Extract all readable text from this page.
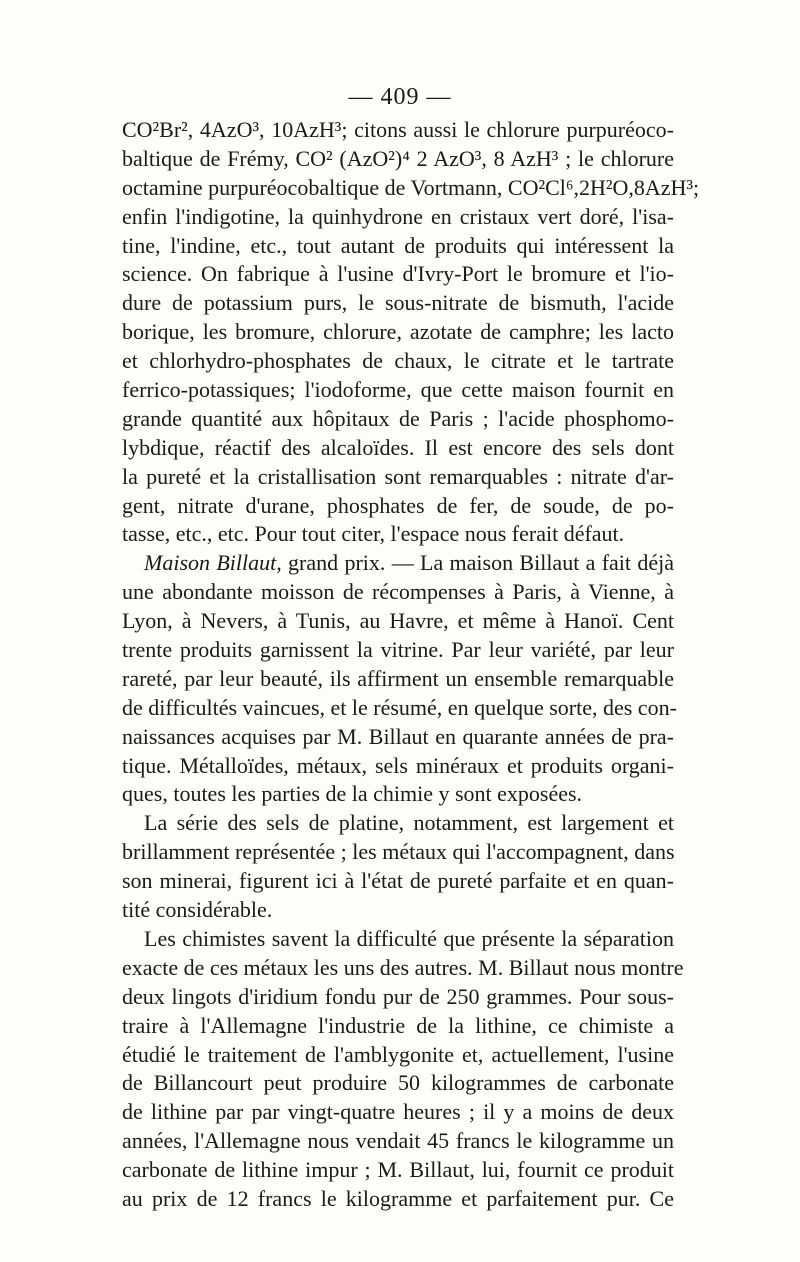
— 409 —
CO²Br², 4AzO³, 10AzH³; citons aussi le chlorure purpuréoco-
baltique de Frémy, CO² (AzO²)⁴ 2 AzO³, 8 AzH³ ; le chlorure
octamine purpuréocobaltique de Vortmann, CO²Cl⁶,2H²O,8AzH³;
enfin l'indigotine, la quinhydrone en cristaux vert doré, l'isa-
tine, l'indine, etc., tout autant de produits qui intéressent la
science. On fabrique à l'usine d'Ivry-Port le bromure et l'io-
dure de potassium purs, le sous-nitrate de bismuth, l'acide
borique, les bromure, chlorure, azotate de camphre; les lacto
et chlorhydro-phosphates de chaux, le citrate et le tartrate
ferrico-potassiques; l'iodoforme, que cette maison fournit en
grande quantité aux hôpitaux de Paris ; l'acide phosphomo-
lybdique, réactif des alcaloïdes. Il est encore des sels dont
la pureté et la cristallisation sont remarquables : nitrate d'ar-
gent, nitrate d'urane, phosphates de fer, de soude, de po-
tasse, etc., etc. Pour tout citer, l'espace nous ferait défaut.
Maison Billaut, grand prix. — La maison Billaut a fait déjà
une abondante moisson de récompenses à Paris, à Vienne, à
Lyon, à Nevers, à Tunis, au Havre, et même à Hanoï. Cent
trente produits garnissent la vitrine. Par leur variété, par leur
rareté, par leur beauté, ils affirment un ensemble remarquable
de difficultés vaincues, et le résumé, en quelque sorte, des con-
naissances acquises par M. Billaut en quarante années de pra-
tique. Métalloïdes, métaux, sels minéraux et produits organi-
ques, toutes les parties de la chimie y sont exposées.
La série des sels de platine, notamment, est largement et
brillamment représentée ; les métaux qui l'accompagnent, dans
son minerai, figurent ici à l'état de pureté parfaite et en quan-
tité considérable.
Les chimistes savent la difficulté que présente la séparation
exacte de ces métaux les uns des autres. M. Billaut nous montre
deux lingots d'iridium fondu pur de 250 grammes. Pour sous-
traire à l'Allemagne l'industrie de la lithine, ce chimiste a
étudié le traitement de l'amblygonite et, actuellement, l'usine
de Billancourt peut produire 50 kilogrammes de carbonate
de lithine par par vingt-quatre heures ; il y a moins de deux
années, l'Allemagne nous vendait 45 francs le kilogramme un
carbonate de lithine impur ; M. Billaut, lui, fournit ce produit
au prix de 12 francs le kilogramme et parfaitement pur. Ce
